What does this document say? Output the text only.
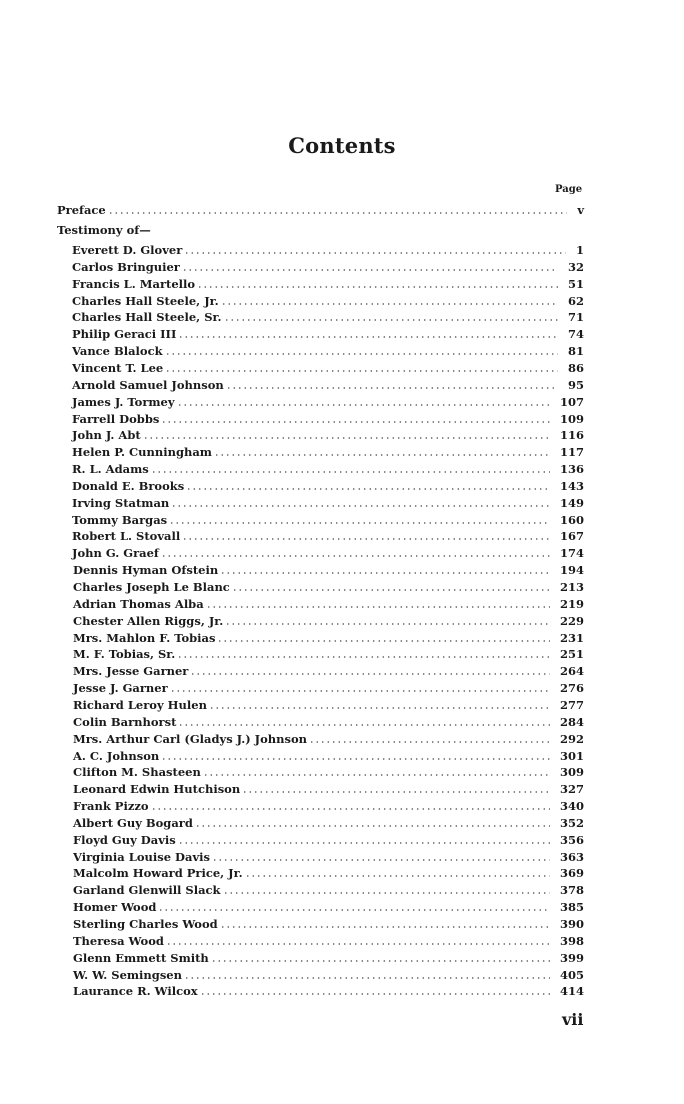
Contents
Page
Preface	v
Testimony of—
Everett D. Glover	1
Carlos Bringuier	32
Francis L. Martello	51
Charles Hall Steele, Jr.	62
Charles Hall Steele, Sr.	71
Philip Geraci III	74
Vance Blalock	81
Vincent T. Lee	86
Arnold Samuel Johnson	95
James J. Tormey	107
Farrell Dobbs	109
John J. Abt	116
Helen P. Cunningham	117
R. L. Adams	136
Donald E. Brooks	143
Irving Statman	149
Tommy Bargas	160
Robert L. Stovall	167
John G. Graef	174
Dennis Hyman Ofstein	194
Charles Joseph Le Blanc	213
Adrian Thomas Alba	219
Chester Allen Riggs, Jr.	229
Mrs. Mahlon F. Tobias	231
M. F. Tobias, Sr.	251
Mrs. Jesse Garner	264
Jesse J. Garner	276
Richard Leroy Hulen	277
Colin Barnhorst	284
Mrs. Arthur Carl (Gladys J.) Johnson	292
A. C. Johnson	301
Clifton M. Shasteen	309
Leonard Edwin Hutchison	327
Frank Pizzo	340
Albert Guy Bogard	352
Floyd Guy Davis	356
Virginia Louise Davis	363
Malcolm Howard Price, Jr.	369
Garland Glenwill Slack	378
Homer Wood	385
Sterling Charles Wood	390
Theresa Wood	398
Glenn Emmett Smith	399
W. W. Semingsen	405
Laurance R. Wilcox	414
vii
